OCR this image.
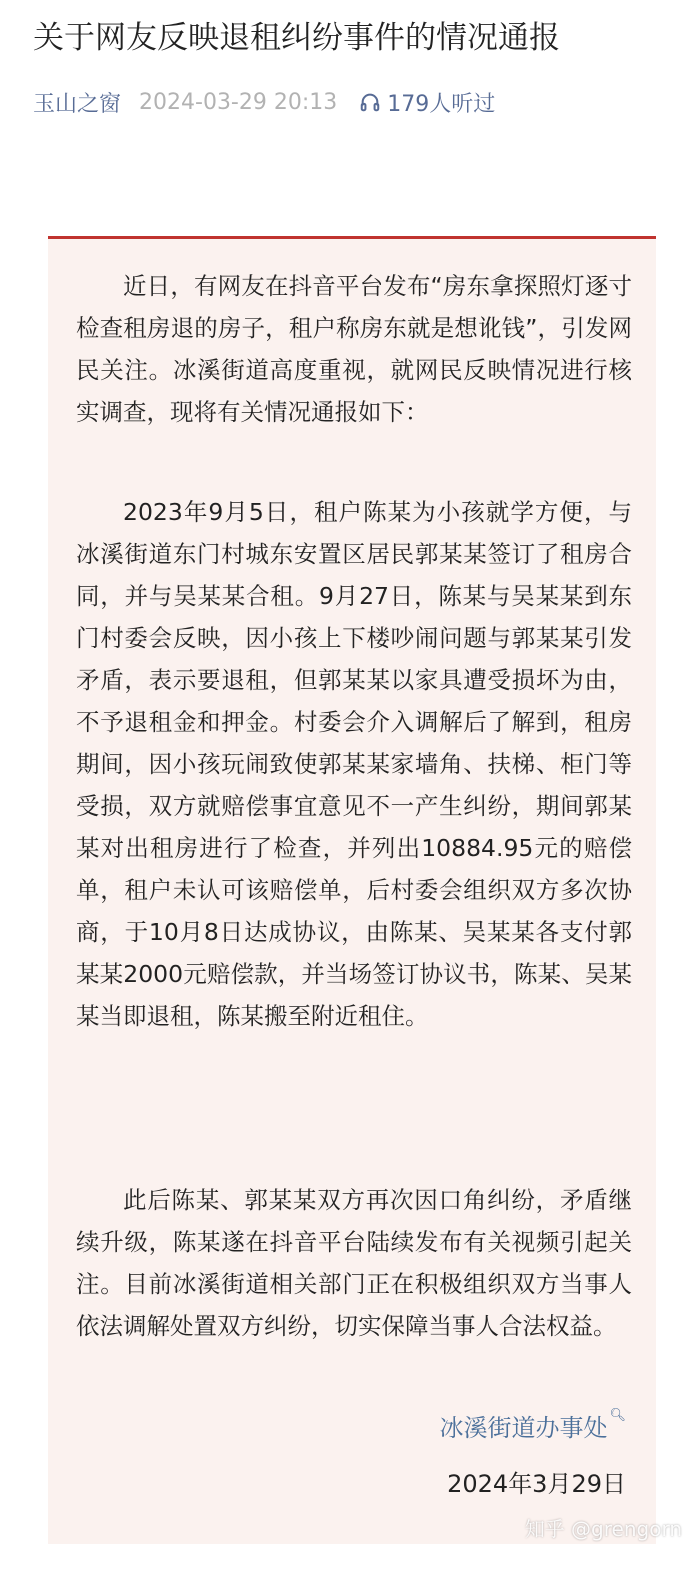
关于网友反映退租纠纷事件的情况通报
玉山之窗 2024-03-29 20:13 179人听过

近日，有网友在抖音平台发布“房东拿探照灯逐寸检查租房退的房子，租户称房东就是想讹钱”，引发网民关注。冰溪街道高度重视，就网民反映情况进行核实调查，现将有关情况通报如下：

2023年9月5日，租户陈某为小孩就学方便，与冰溪街道东门村城东安置区居民郭某某签订了租房合同，并与吴某某合租。9月27日，陈某与吴某某到东门村委会反映，因小孩上下楼吵闹问题与郭某某引发矛盾，表示要退租，但郭某某以家具遭受损坏为由，不予退租金和押金。村委会介入调解后了解到，租房期间，因小孩玩闹致使郭某某家墙角、扶梯、柜门等受损，双方就赔偿事宜意见不一产生纠纷，期间郭某某对出租房进行了检查，并列出10884.95元的赔偿单，租户未认可该赔偿单，后村委会组织双方多次协商，于10月8日达成协议，由陈某、吴某某各支付郭某某2000元赔偿款，并当场签订协议书，陈某、吴某某当即退租，陈某搬至附近租住。

此后陈某、郭某某双方再次因口角纠纷，矛盾继续升级，陈某遂在抖音平台陆续发布有关视频引起关注。目前冰溪街道相关部门正在积极组织双方当事人依法调解处置双方纠纷，切实保障当事人合法权益。

冰溪街道办事处 🔍︎
2024年3月29日
知乎 @grengorn
